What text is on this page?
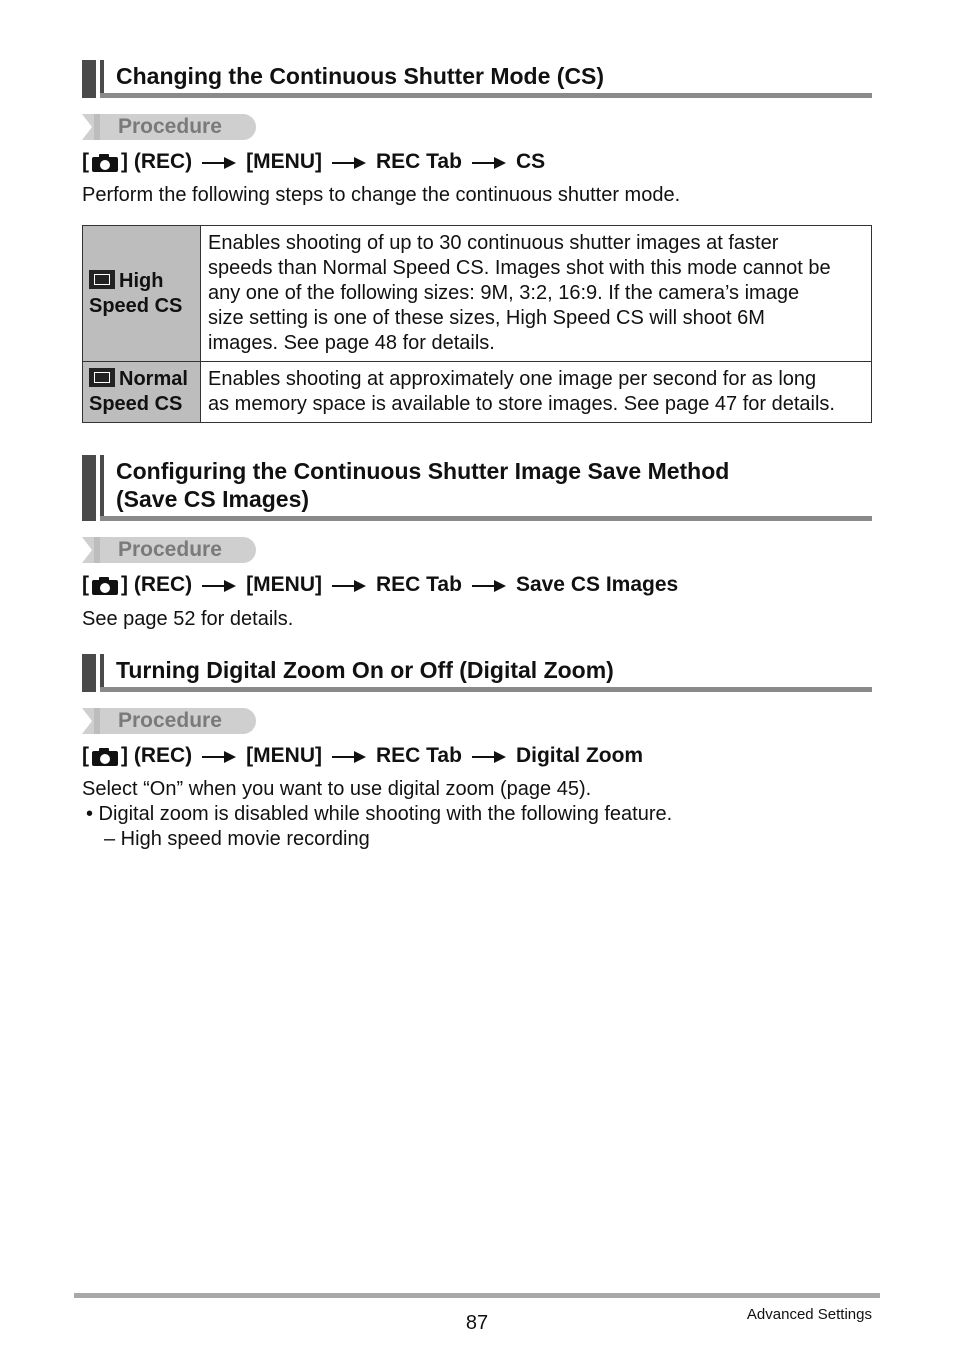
Changing the Continuous Shutter Mode (CS)
Procedure
[ ] (REC)	[MENU]	REC Tab	CS
Perform the following steps to change the continuous shutter mode.
High
Speed CS	Enables shooting of up to 30 continuous shutter images at faster
speeds than Normal Speed CS. Images shot with this mode cannot be
any one of the following sizes: 9M, 3:2, 16:9. If the camera’s image
size setting is one of these sizes, High Speed CS will shoot 6M
images. See page 48 for details.
Normal
Speed CS	Enables shooting at approximately one image per second for as long
as memory space is available to store images. See page 47 for details.
Configuring the Continuous Shutter Image Save Method
(Save CS Images)
Procedure
[ ] (REC)	[MENU]	REC Tab	Save CS Images
See page 52 for details.
Turning Digital Zoom On or Off (Digital Zoom)
Procedure
[ ] (REC)	[MENU]	REC Tab	Digital Zoom
Select “On” when you want to use digital zoom (page 45).
• Digital zoom is disabled while shooting with the following feature.
– High speed movie recording
87	Advanced Settings
